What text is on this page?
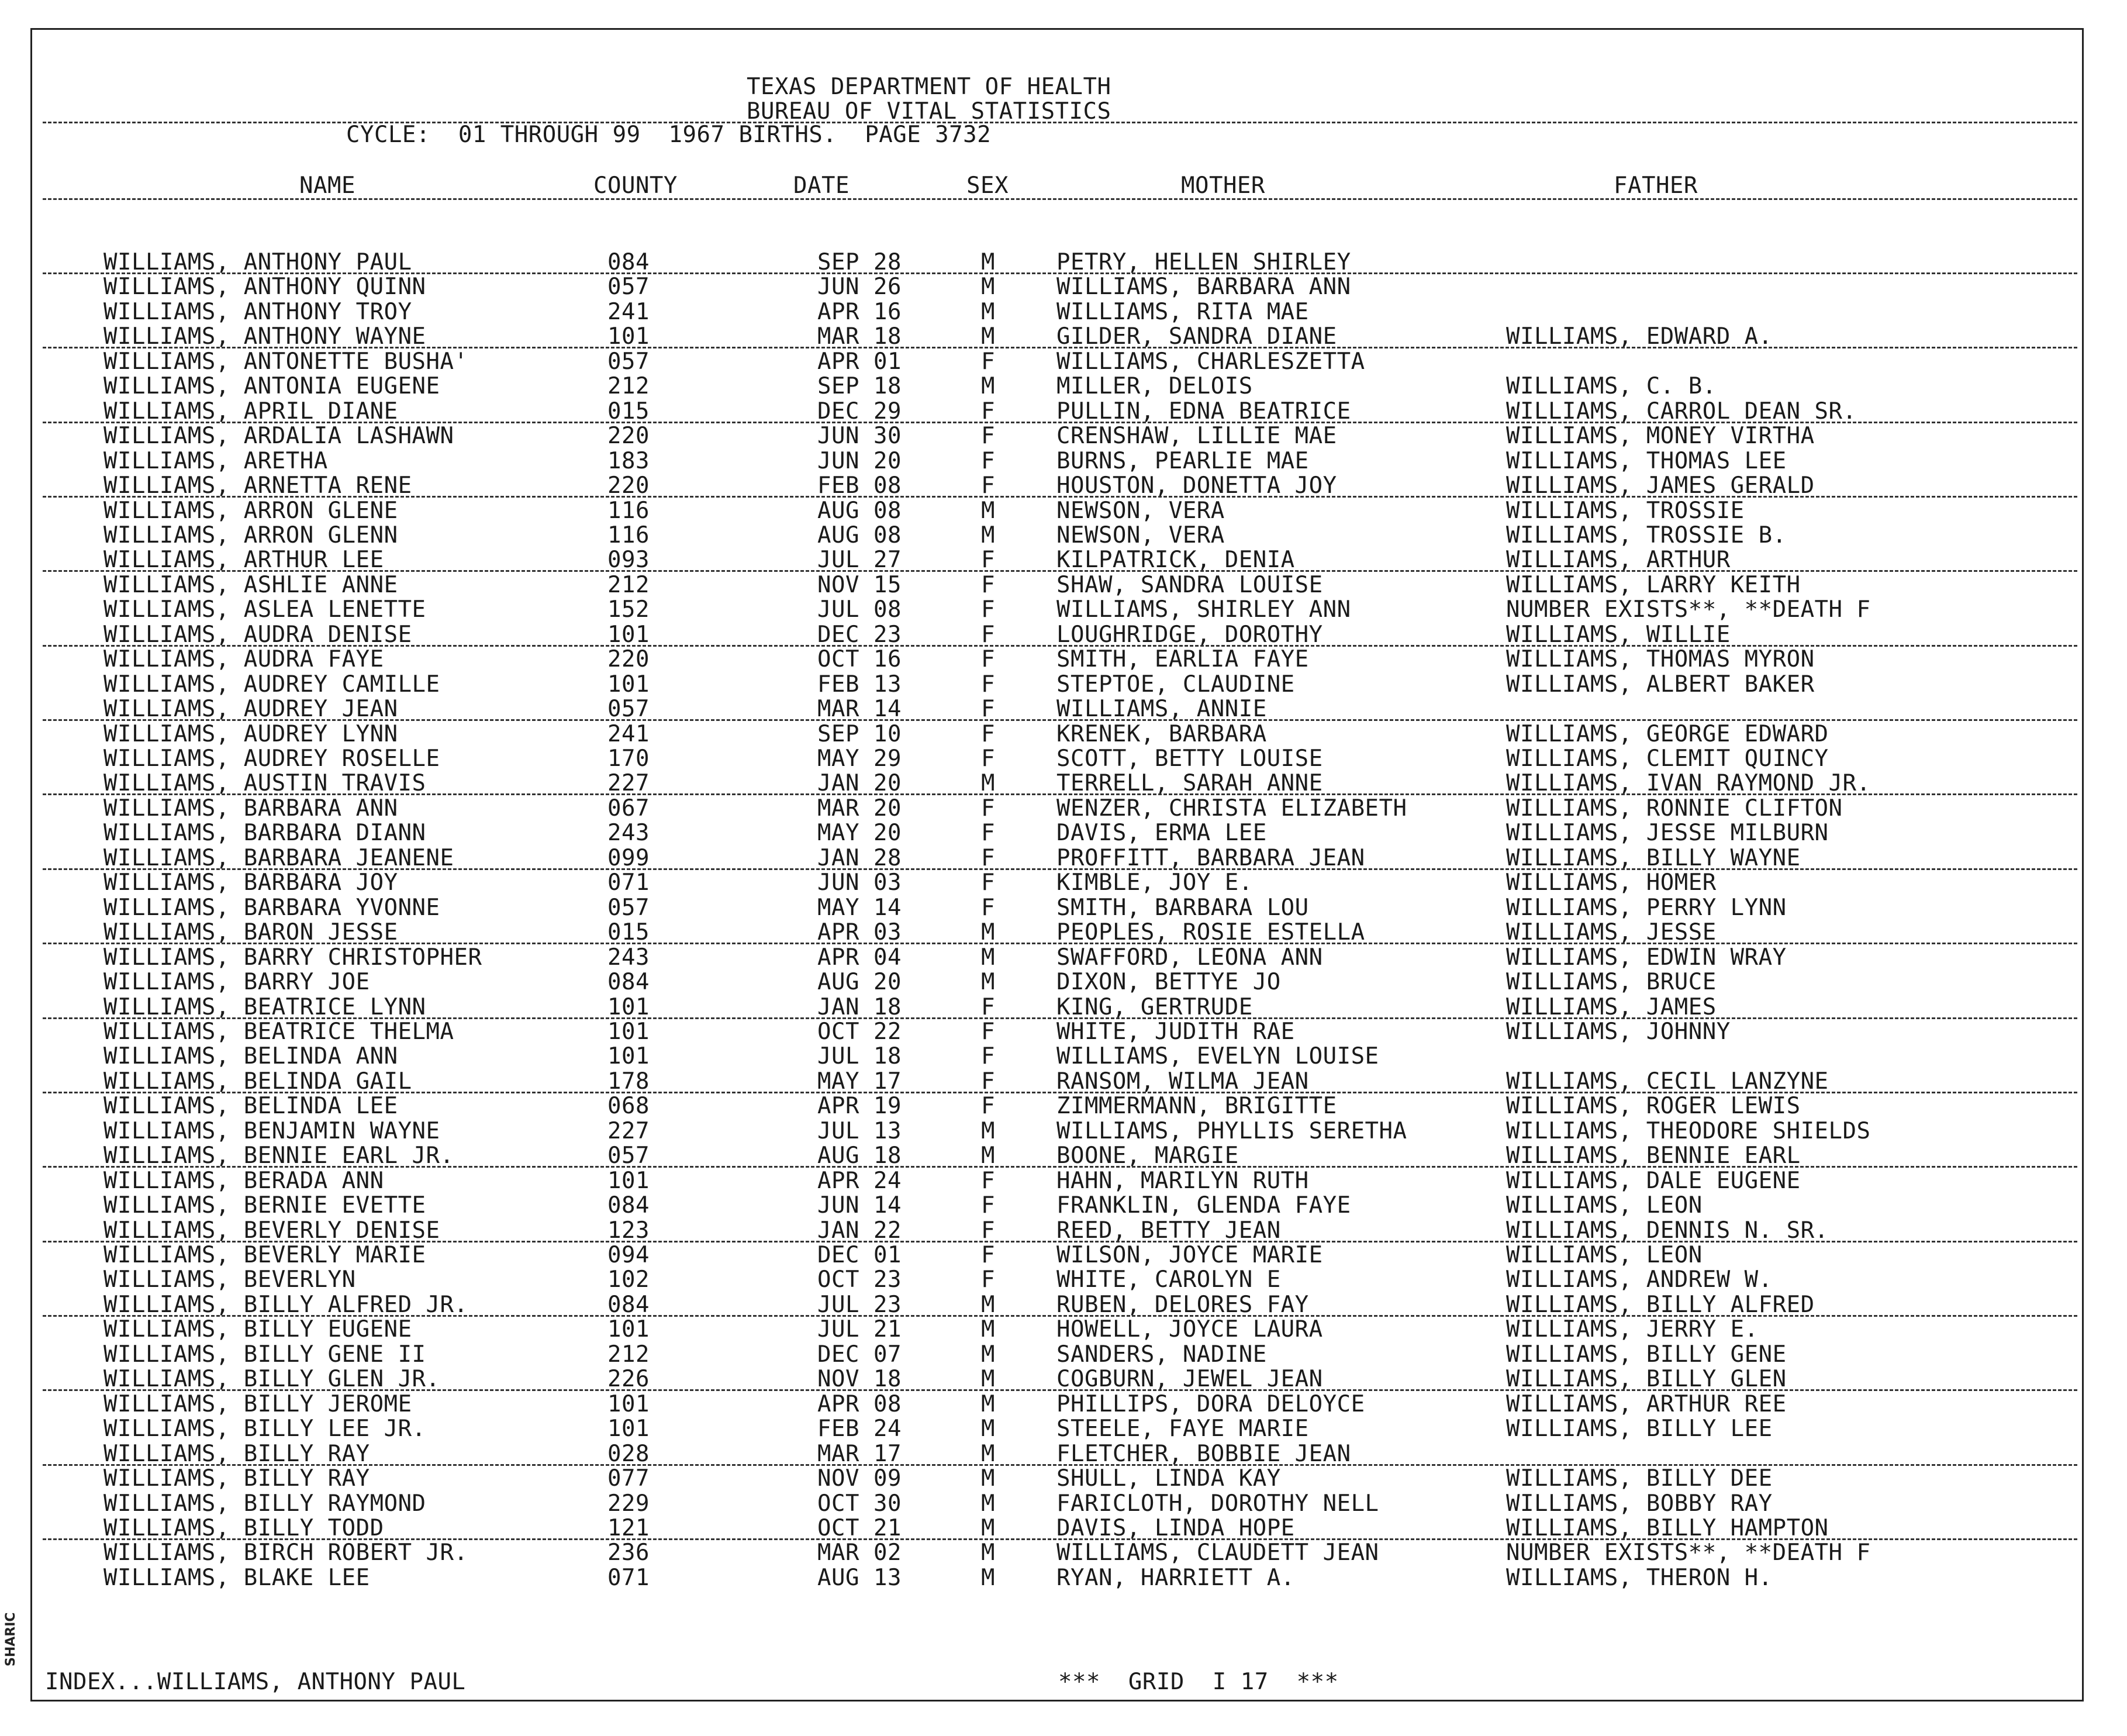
TEXAS DEPARTMENT OF HEALTH
BUREAU OF VITAL STATISTICS
CYCLE:  01 THROUGH 99  1967 BIRTHS.  PAGE 3732
NAME	COUNTY	DATE	SEX	MOTHER	FATHER
WILLIAMS, ANTHONY PAUL	084	SEP 28	M	PETRY, HELLEN SHIRLEY
WILLIAMS, ANTHONY QUINN	057	JUN 26	M	WILLIAMS, BARBARA ANN
WILLIAMS, ANTHONY TROY	241	APR 16	M	WILLIAMS, RITA MAE
WILLIAMS, ANTHONY WAYNE	101	MAR 18	M	GILDER, SANDRA DIANE	WILLIAMS, EDWARD A.
WILLIAMS, ANTONETTE BUSHA'	057	APR 01	F	WILLIAMS, CHARLESZETTA
WILLIAMS, ANTONIA EUGENE	212	SEP 18	M	MILLER, DELOIS	WILLIAMS, C. B.
WILLIAMS, APRIL DIANE	015	DEC 29	F	PULLIN, EDNA BEATRICE	WILLIAMS, CARROL DEAN SR.
WILLIAMS, ARDALIA LASHAWN	220	JUN 30	F	CRENSHAW, LILLIE MAE	WILLIAMS, MONEY VIRTHA
WILLIAMS, ARETHA	183	JUN 20	F	BURNS, PEARLIE MAE	WILLIAMS, THOMAS LEE
WILLIAMS, ARNETTA RENE	220	FEB 08	F	HOUSTON, DONETTA JOY	WILLIAMS, JAMES GERALD
WILLIAMS, ARRON GLENE	116	AUG 08	M	NEWSON, VERA	WILLIAMS, TROSSIE
WILLIAMS, ARRON GLENN	116	AUG 08	M	NEWSON, VERA	WILLIAMS, TROSSIE B.
WILLIAMS, ARTHUR LEE	093	JUL 27	F	KILPATRICK, DENIA	WILLIAMS, ARTHUR
WILLIAMS, ASHLIE ANNE	212	NOV 15	F	SHAW, SANDRA LOUISE	WILLIAMS, LARRY KEITH
WILLIAMS, ASLEA LENETTE	152	JUL 08	F	WILLIAMS, SHIRLEY ANN	NUMBER EXISTS**, **DEATH F
WILLIAMS, AUDRA DENISE	101	DEC 23	F	LOUGHRIDGE, DOROTHY	WILLIAMS, WILLIE
WILLIAMS, AUDRA FAYE	220	OCT 16	F	SMITH, EARLIA FAYE	WILLIAMS, THOMAS MYRON
WILLIAMS, AUDREY CAMILLE	101	FEB 13	F	STEPTOE, CLAUDINE	WILLIAMS, ALBERT BAKER
WILLIAMS, AUDREY JEAN	057	MAR 14	F	WILLIAMS, ANNIE
WILLIAMS, AUDREY LYNN	241	SEP 10	F	KRENEK, BARBARA	WILLIAMS, GEORGE EDWARD
WILLIAMS, AUDREY ROSELLE	170	MAY 29	F	SCOTT, BETTY LOUISE	WILLIAMS, CLEMIT QUINCY
WILLIAMS, AUSTIN TRAVIS	227	JAN 20	M	TERRELL, SARAH ANNE	WILLIAMS, IVAN RAYMOND JR.
WILLIAMS, BARBARA ANN	067	MAR 20	F	WENZER, CHRISTA ELIZABETH	WILLIAMS, RONNIE CLIFTON
WILLIAMS, BARBARA DIANN	243	MAY 20	F	DAVIS, ERMA LEE	WILLIAMS, JESSE MILBURN
WILLIAMS, BARBARA JEANENE	099	JAN 28	F	PROFFITT, BARBARA JEAN	WILLIAMS, BILLY WAYNE
WILLIAMS, BARBARA JOY	071	JUN 03	F	KIMBLE, JOY E.	WILLIAMS, HOMER
WILLIAMS, BARBARA YVONNE	057	MAY 14	F	SMITH, BARBARA LOU	WILLIAMS, PERRY LYNN
WILLIAMS, BARON JESSE	015	APR 03	M	PEOPLES, ROSIE ESTELLA	WILLIAMS, JESSE
WILLIAMS, BARRY CHRISTOPHER	243	APR 04	M	SWAFFORD, LEONA ANN	WILLIAMS, EDWIN WRAY
WILLIAMS, BARRY JOE	084	AUG 20	M	DIXON, BETTYE JO	WILLIAMS, BRUCE
WILLIAMS, BEATRICE LYNN	101	JAN 18	F	KING, GERTRUDE	WILLIAMS, JAMES
WILLIAMS, BEATRICE THELMA	101	OCT 22	F	WHITE, JUDITH RAE	WILLIAMS, JOHNNY
WILLIAMS, BELINDA ANN	101	JUL 18	F	WILLIAMS, EVELYN LOUISE
WILLIAMS, BELINDA GAIL	178	MAY 17	F	RANSOM, WILMA JEAN	WILLIAMS, CECIL LANZYNE
WILLIAMS, BELINDA LEE	068	APR 19	F	ZIMMERMANN, BRIGITTE	WILLIAMS, ROGER LEWIS
WILLIAMS, BENJAMIN WAYNE	227	JUL 13	M	WILLIAMS, PHYLLIS SERETHA	WILLIAMS, THEODORE SHIELDS
WILLIAMS, BENNIE EARL JR.	057	AUG 18	M	BOONE, MARGIE	WILLIAMS, BENNIE EARL
WILLIAMS, BERADA ANN	101	APR 24	F	HAHN, MARILYN RUTH	WILLIAMS, DALE EUGENE
WILLIAMS, BERNIE EVETTE	084	JUN 14	F	FRANKLIN, GLENDA FAYE	WILLIAMS, LEON
WILLIAMS, BEVERLY DENISE	123	JAN 22	F	REED, BETTY JEAN	WILLIAMS, DENNIS N. SR.
WILLIAMS, BEVERLY MARIE	094	DEC 01	F	WILSON, JOYCE MARIE	WILLIAMS, LEON
WILLIAMS, BEVERLYN	102	OCT 23	F	WHITE, CAROLYN E	WILLIAMS, ANDREW W.
WILLIAMS, BILLY ALFRED JR.	084	JUL 23	M	RUBEN, DELORES FAY	WILLIAMS, BILLY ALFRED
WILLIAMS, BILLY EUGENE	101	JUL 21	M	HOWELL, JOYCE LAURA	WILLIAMS, JERRY E.
WILLIAMS, BILLY GENE II	212	DEC 07	M	SANDERS, NADINE	WILLIAMS, BILLY GENE
WILLIAMS, BILLY GLEN JR.	226	NOV 18	M	COGBURN, JEWEL JEAN	WILLIAMS, BILLY GLEN
WILLIAMS, BILLY JEROME	101	APR 08	M	PHILLIPS, DORA DELOYCE	WILLIAMS, ARTHUR REE
WILLIAMS, BILLY LEE JR.	101	FEB 24	M	STEELE, FAYE MARIE	WILLIAMS, BILLY LEE
WILLIAMS, BILLY RAY	028	MAR 17	M	FLETCHER, BOBBIE JEAN
WILLIAMS, BILLY RAY	077	NOV 09	M	SHULL, LINDA KAY	WILLIAMS, BILLY DEE
WILLIAMS, BILLY RAYMOND	229	OCT 30	M	FARICLOTH, DOROTHY NELL	WILLIAMS, BOBBY RAY
WILLIAMS, BILLY TODD	121	OCT 21	M	DAVIS, LINDA HOPE	WILLIAMS, BILLY HAMPTON
WILLIAMS, BIRCH ROBERT JR.	236	MAR 02	M	WILLIAMS, CLAUDETT JEAN	NUMBER EXISTS**, **DEATH F
WILLIAMS, BLAKE LEE	071	AUG 13	M	RYAN, HARRIETT A.	WILLIAMS, THERON H.
INDEX...WILLIAMS, ANTHONY PAUL	***  GRID  I 17  ***
SHARIC
